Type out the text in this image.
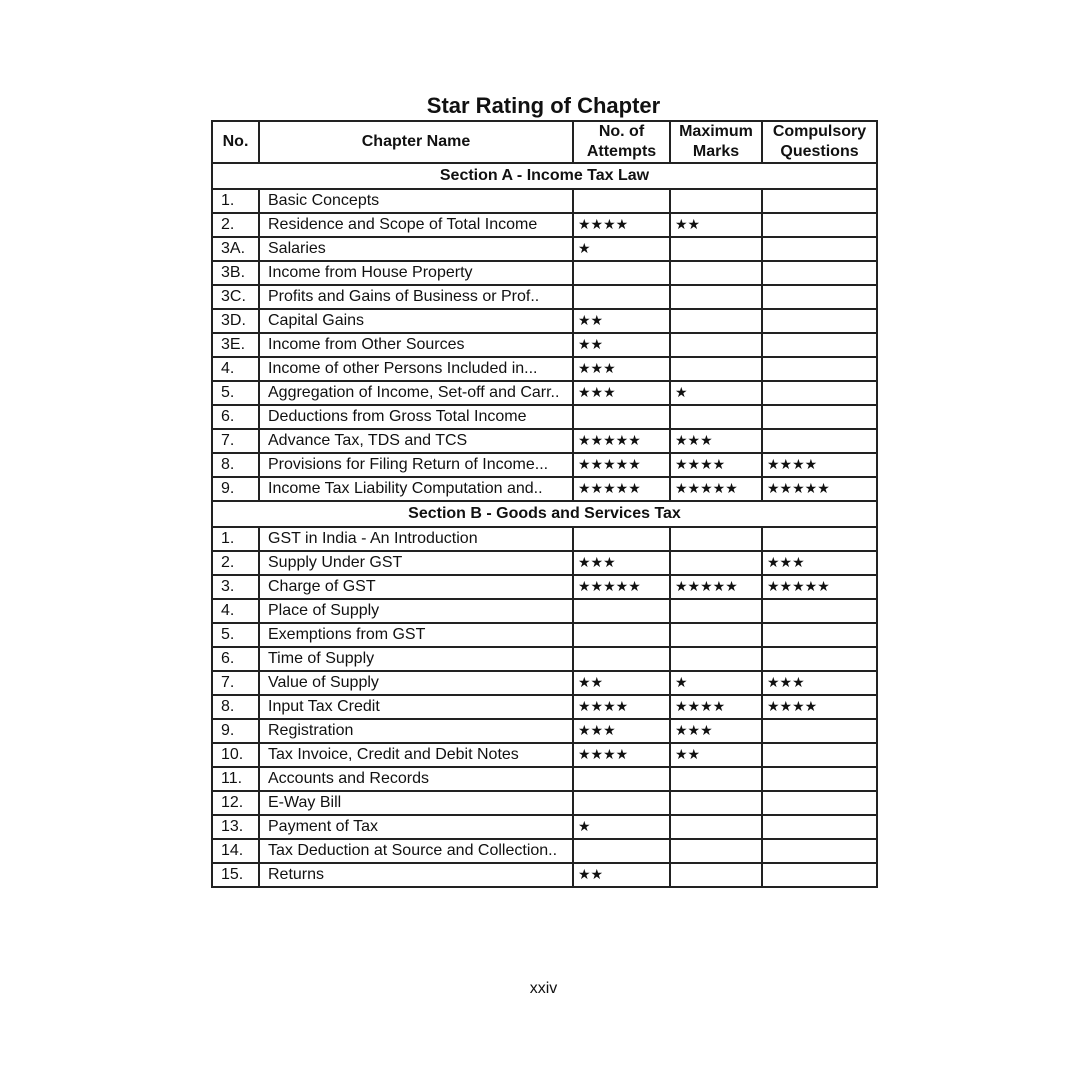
Star Rating of Chapter
No.	Chapter Name	No. of Attempts	Maximum Marks	Compulsory Questions
Section A - Income Tax Law				
1.	Basic Concepts			
2.	Residence and Scope of Total Income	★★★★	★★	
3A.	Salaries	★		
3B.	Income from House Property			
3C.	Profits and Gains of Business or Prof..			
3D.	Capital Gains	★★		
3E.	Income from Other Sources	★★		
4.	Income of other Persons Included in...	★★★		
5.	Aggregation of Income, Set-off and Carr..	★★★	★	
6.	Deductions from Gross Total Income			
7.	Advance Tax, TDS and TCS	★★★★★	★★★	
8.	Provisions for Filing Return of Income...	★★★★★	★★★★	★★★★
9.	Income Tax Liability Computation and..	★★★★★	★★★★★	★★★★★
Section B - Goods and Services Tax				
1.	GST in India - An Introduction			
2.	Supply Under GST	★★★		★★★
3.	Charge of GST	★★★★★	★★★★★	★★★★★
4.	Place of Supply			
5.	Exemptions from GST			
6.	Time of Supply			
7.	Value of Supply	★★	★	★★★
8.	Input Tax Credit	★★★★	★★★★	★★★★
9.	Registration	★★★	★★★	
10.	Tax Invoice, Credit and Debit Notes	★★★★	★★	
11.	Accounts and Records			
12.	E-Way Bill			
13.	Payment of Tax	★		
14.	Tax Deduction at Source and Collection..			
15.	Returns	★★		
xxiv
